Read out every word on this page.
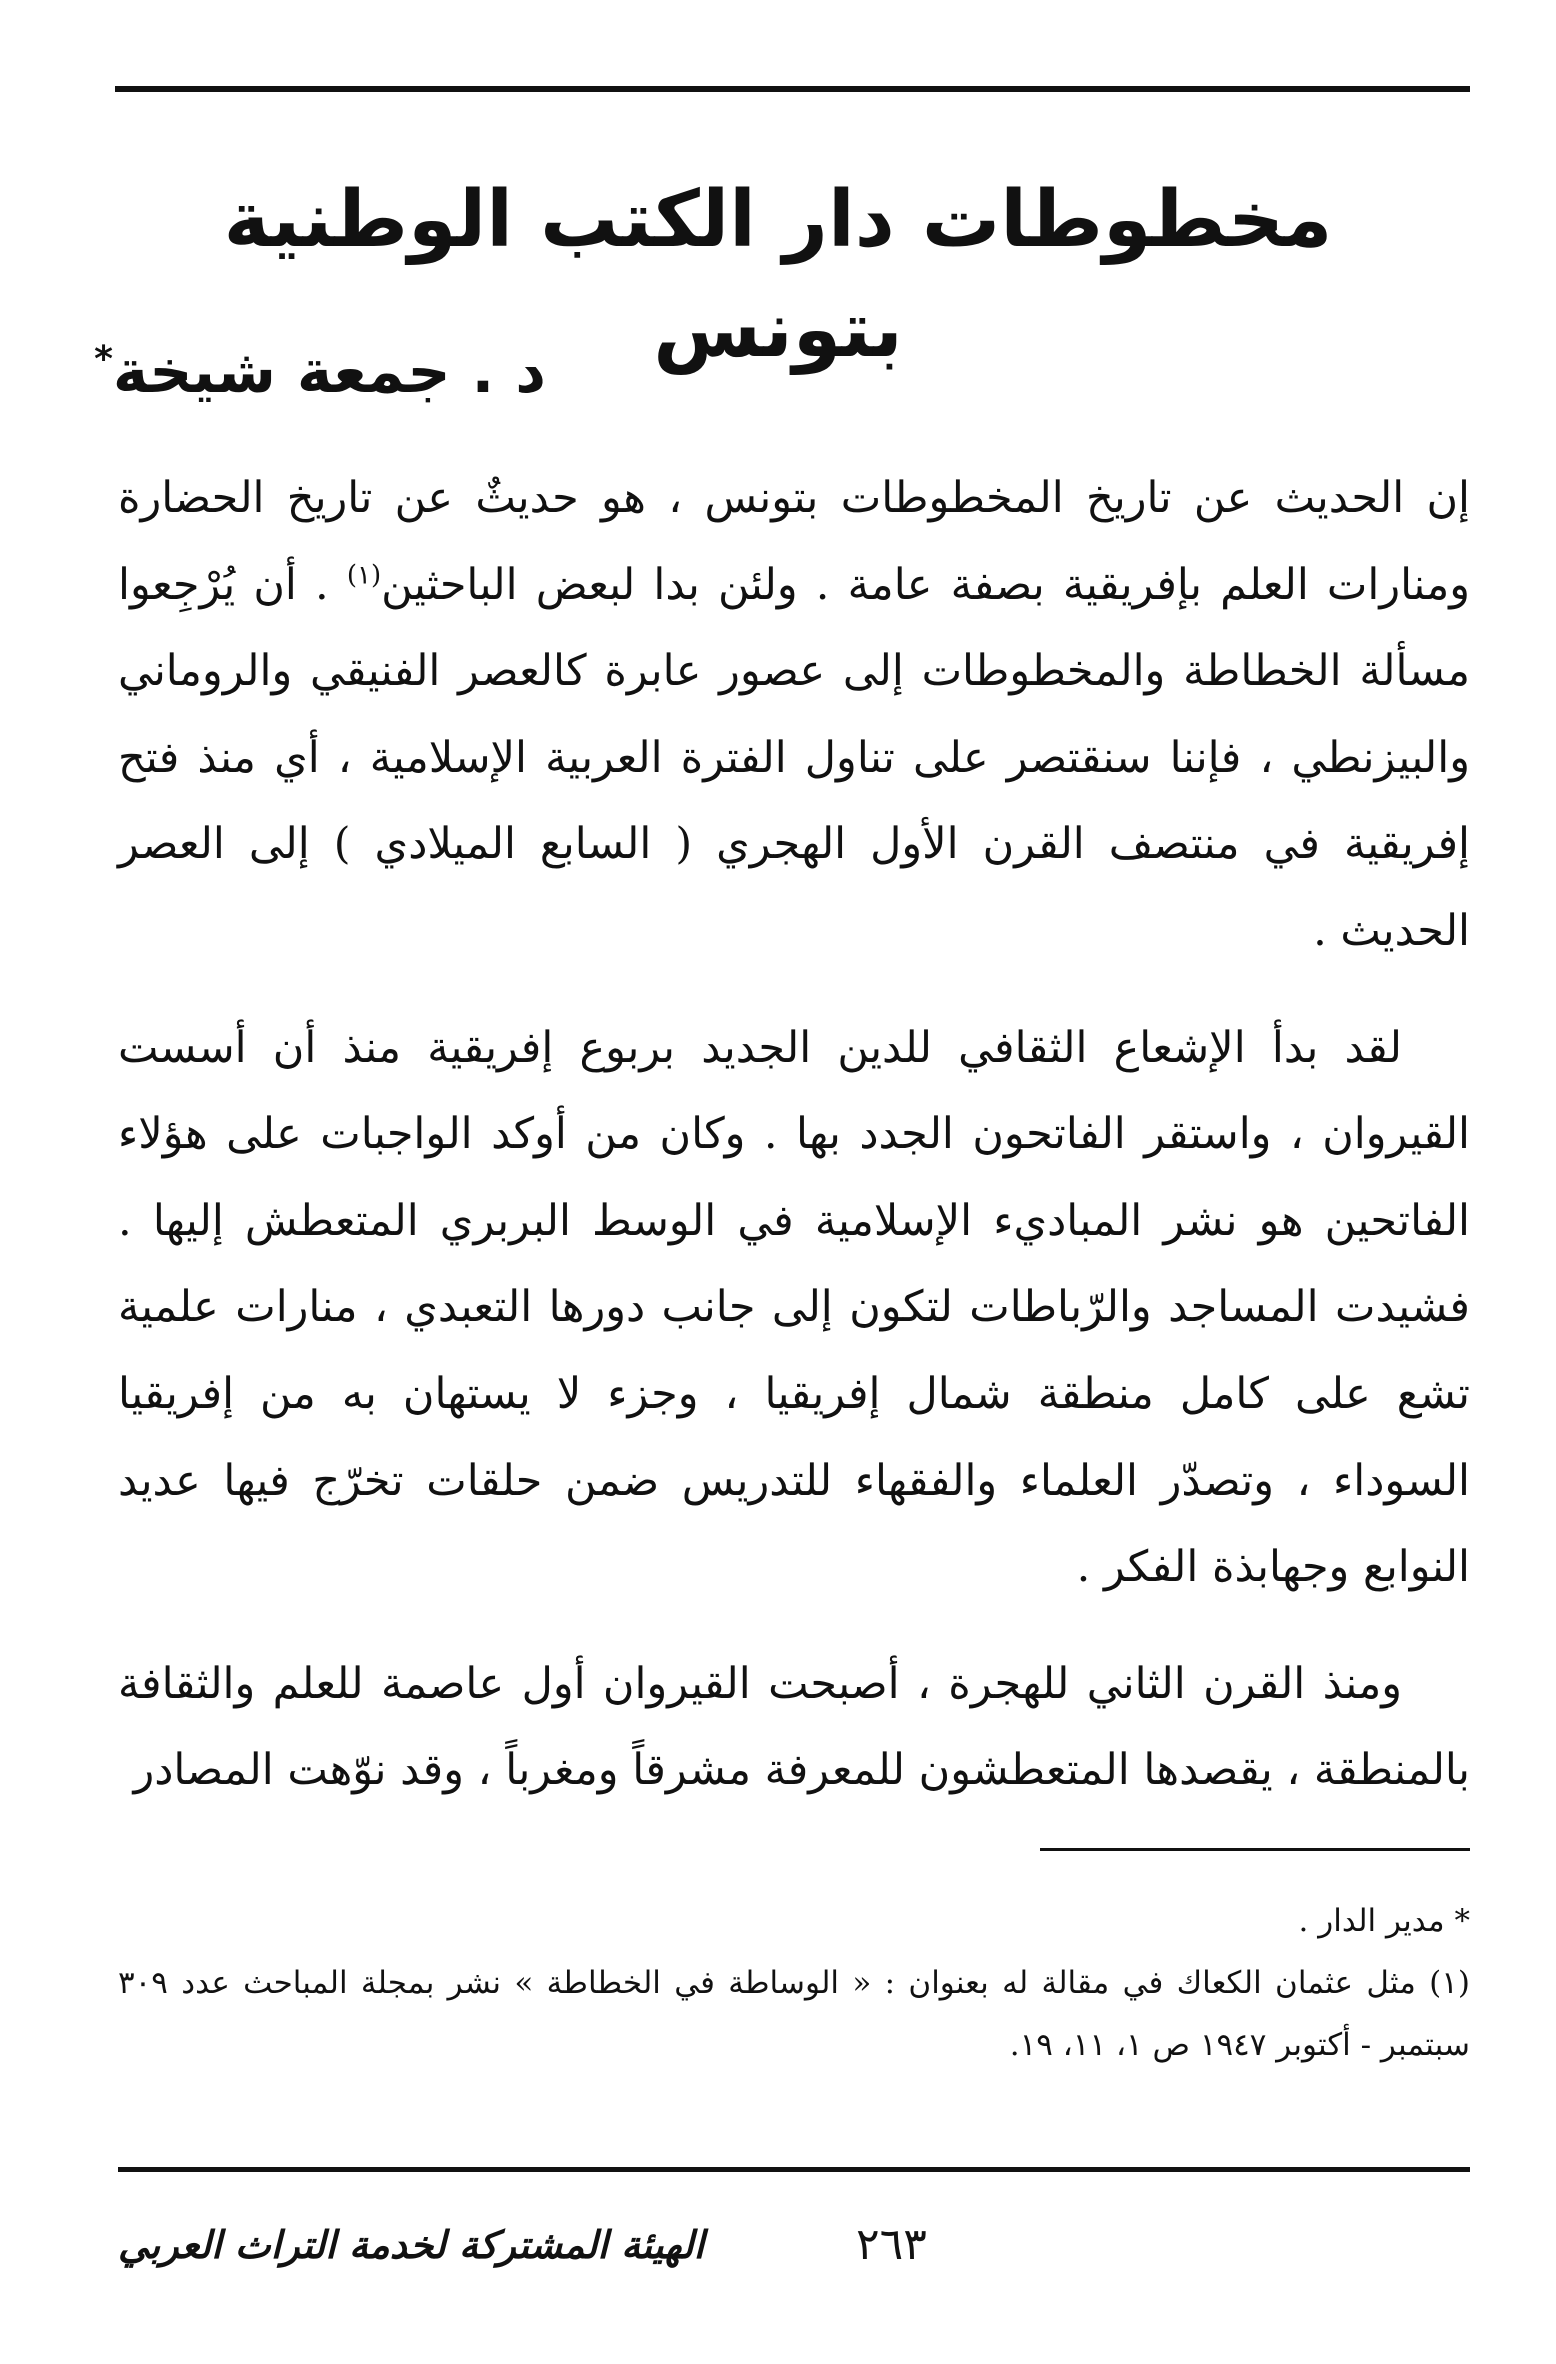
مخطوطات دار الكتب الوطنية بتونس
د . جمعة شيخة*

إن الحديث عن تاريخ المخطوطات بتونس ، هو حديثٌ عن تاريخ الحضارة ومنارات العلم بإفريقية بصفة عامة . ولئن بدا لبعض الباحثين$^{(١)}$ . أن يُرْجِعوا مسألة الخطاطة والمخطوطات إلى عصور عابرة كالعصر الفنيقي والروماني والبيزنطي ، فإننا سنقتصر على تناول الفترة العربية الإسلامية ، أي منذ فتح إفريقية في منتصف القرن الأول الهجري ( السابع الميلادي ) إلى العصر الحديث .

لقد بدأ الإشعاع الثقافي للدين الجديد بربوع إفريقية منذ أن أسست القيروان ، واستقر الفاتحون الجدد بها . وكان من أوكد الواجبات على هؤلاء الفاتحين هو نشر المباديء الإسلامية في الوسط البربري المتعطش إليها . فشيدت المساجد والرّباطات لتكون إلى جانب دورها التعبدي ، منارات علمية تشع على كامل منطقة شمال إفريقيا ، وجزء لا يستهان به من إفريقيا السوداء ، وتصدّر العلماء والفقهاء للتدريس ضمن حلقات تخرّج فيها عديد النوابع وجهابذة الفكر .

ومنذ القرن الثاني للهجرة ، أصبحت القيروان أول عاصمة للعلم والثقافة بالمنطقة ، يقصدها المتعطشون للمعرفة مشرقاً ومغرباً ، وقد نوّهت المصادر

* مدير الدار .

(١) مثل عثمان الكعاك في مقالة له بعنوان : « الوساطة في الخطاطة » نشر بمجلة المباحث عدد ٣٠٩ سبتمبر - أكتوبر ١٩٤٧ ص ١، ١١، ١٩.

٢٦٣
الهيئة المشتركة لخدمة التراث العربي
